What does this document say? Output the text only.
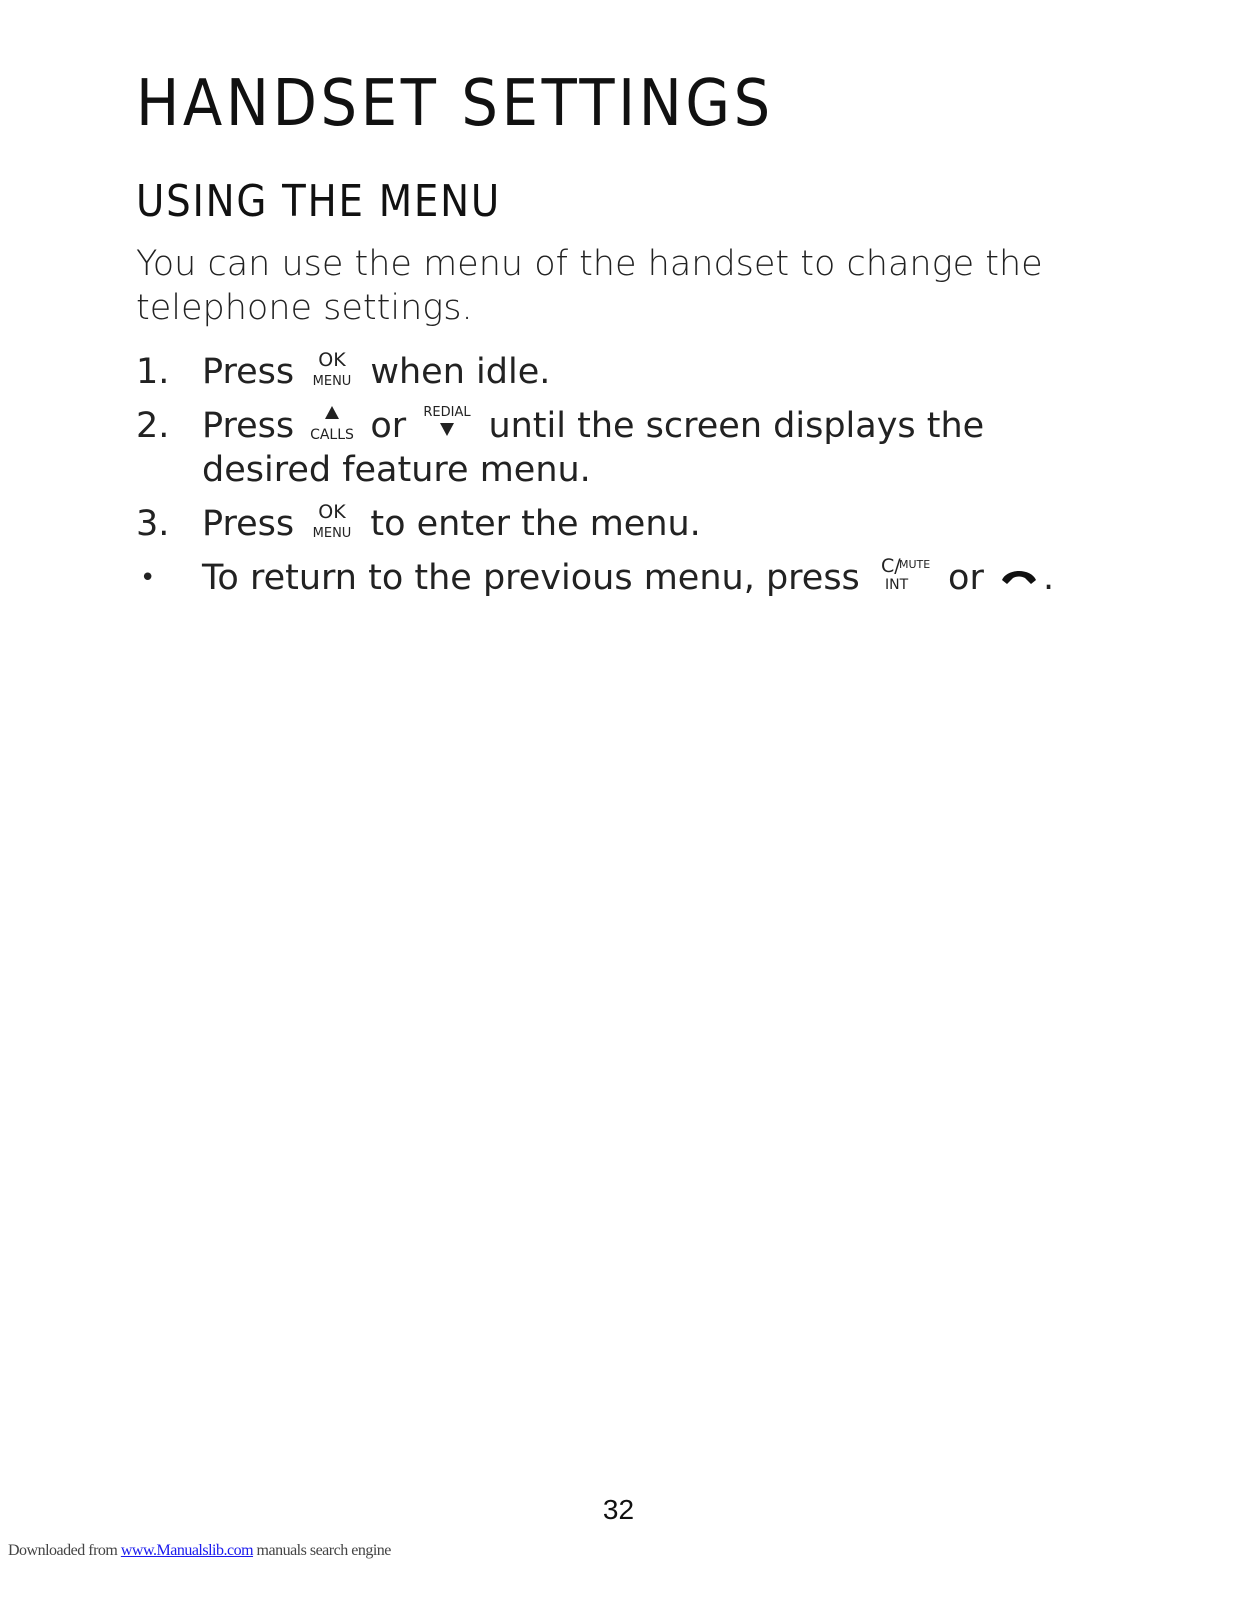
HANDSET SETTINGS
USING THE MENU

You can use the menu of the handset to change the telephone settings.

1. Press OK
MENU when idle.
2. Press CALLS or REDIAL until the screen displays the desired feature menu.
3. Press OK
MENU to enter the menu.
• To return to the previous menu, press C/
MUTE
INT or
.
32
Downloaded from www.Manualslib.com manuals search engine
